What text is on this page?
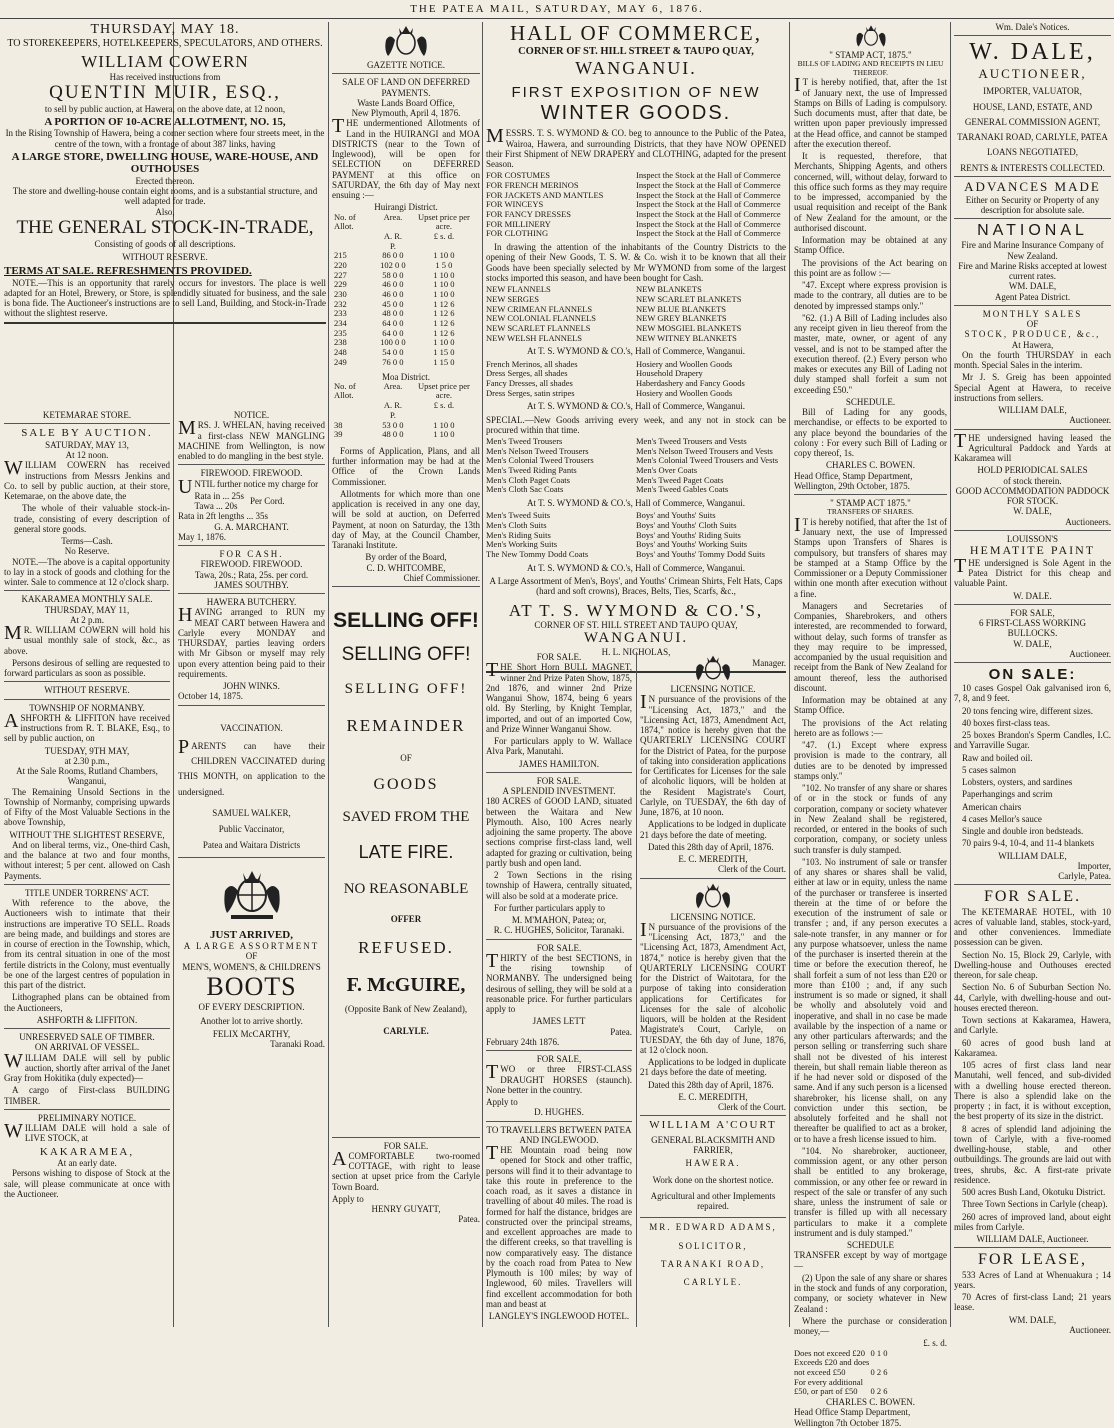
THE PATEA MAIL, SATURDAY, MAY 6, 1876.
THURSDAY, MAY 18.
TO STOREKEEPERS, HOTELKEEPERS, SPECULATORS, AND OTHERS.
WILLIAM COWERN
Has received instructions from
QUENTIN MUIR, ESQ.,
to sell by public auction, at Hawera, on the above date, at 12 noon,
A PORTION OF 10-ACRE ALLOTMENT, NO. 15,
In the Rising Township of Hawera, being a corner section where four streets meet, in the centre of the town, with a frontage of about 387 links, having
A LARGE STORE, DWELLING HOUSE, WARE-HOUSE, AND OUTHOUSES
Erected thereon.
The store and dwelling-house contain eight rooms, and is a substantial structure, and well adapted for trade.
Also,
THE GENERAL STOCK-IN-TRADE,
Consisting of goods of all descriptions.
WITHOUT RESERVE.
TERMS AT SALE. REFRESHMENTS PROVIDED.

NOTE.—This is an opportunity that rarely occurs for investors. The place is well adapted for an Hotel, Brewery, or Store, is splendidly situated for business, and the sale is bona fide. The Auctioneer's instructions are to sell Land, Building, and Stock-in-Trade without the slightest reserve.

KETEMARAE STORE.
SALE BY AUCTION.
SATURDAY, MAY 13,
At 12 noon.

WILLIAM COWERN has received instructions from Messrs Jenkins and Co. to sell by public auction, at their store, Ketemarae, on the above date, the

The whole of their valuable stock-in-trade, consisting of every description of general store goods.

Terms—Cash.
No Reserve.

NOTE.—The above is a capital opportunity to lay in a stock of goods and clothing for the winter. Sale to commence at 12 o'clock sharp.

KAKARAMEA MONTHLY SALE.
THURSDAY, MAY 11,
At 2 p.m.

MR. WILLIAM COWERN will hold his usual monthly sale of stock, &c., as above.

Persons desirous of selling are requested to forward particulars as soon as possible.

WITHOUT RESERVE.
TOWNSHIP OF NORMANBY.

ASHFORTH & LIFFITON have received instructions from R. T. BLAKE, Esq., to sell by public auction, on

TUESDAY, 9TH MAY,
at 2.30 p.m.,
At the Sale Rooms, Rutland Chambers, Wanganui,

The Remaining Unsold Sections in the Township of Normanby, comprising upwards of Fifty of the Most Valuable Sections in the above Township,

WITHOUT THE SLIGHTEST RESERVE,

And on liberal terms, viz., One-third Cash, and the balance at two and four months, without interest; 5 per cent. allowed on Cash Payments.

TITLE UNDER TORRENS' ACT.

With reference to the above, the Auctioneers wish to intimate that their instructions are imperative TO SELL. Roads are being made, and buildings and stores are in course of erection in the Township, which, from its central situation in one of the most fertile districts in the Colony, must eventually be one of the largest centres of population in this part of the district.

Lithographed plans can be obtained from the Auctioneers,

ASHFORTH & LIFFITON.
UNRESERVED SALE OF TIMBER.
ON ARRIVAL OF VESSEL.

WILLIAM DALE will sell by public auction, shortly after arrival of the Janet Gray from Hokitika (duly expected)—

A cargo of First-class BUILDING TIMBER.

PRELIMINARY NOTICE.

WILLIAM DALE will hold a sale of LIVE STOCK, at

KAKARAMEA,
At an early date.

Persons wishing to dispose of Stock at the sale, will please communicate at once with the Auctioneer.

NOTICE.

MRS. J. WHELAN, having received a first-class NEW MANGLING MACHINE from Wellington, is now enabled to do mangling in the best style.

FIREWOOD. FIREWOOD.

UNTIL further notice my charge for

Rata in ... 25s
Tawa ... 20s
Per Cord.
Rata in 2ft lengths ... 35s
G. A. MARCHANT.
May 1, 1876.
FOR CASH.
FIREWOOD. FIREWOOD.
Tawa, 20s.; Rata, 25s. per cord.
JAMES SOUTHBY.
HAWERA BUTCHERY.

HAVING arranged to RUN my MEAT CART between Hawera and Carlyle every MONDAY and THURSDAY, parties leaving orders with Mr Gibson or myself may rely upon every attention being paid to their requirements.

JOHN WINKS.
October 14, 1875.
VACCINATION.

PARENTS can have their CHILDREN VACCINATED during THIS MONTH, on application to the undersigned.

SAMUEL WALKER,
Public Vaccinator,
Patea and Waitara Districts
JUST ARRIVED,
A LARGE ASSORTMENT
OF
MEN'S, WOMEN'S, & CHILDREN'S
BOOTS
OF EVERY DESCRIPTION.
Another lot to arrive shortly.
FELIX McCARTHY,
Taranaki Road.
GAZETTE NOTICE.
SALE OF LAND ON DEFERRED PAYMENTS.
Waste Lands Board Office,
New Plymouth, April 4, 1876.

THE undermentioned Allotments of Land in the HUIRANGI and MOA DISTRICTS (near to the Town of Inglewood), will be open for SELECTION on DEFERRED PAYMENT at this office on SATURDAY, the 6th day of May next ensuing :—

Huirangi District.
No. of Allot.	Area.	Upset price per acre.
	A. R. P.	£ s. d.
215	86 0 0	1 10 0
220	102 0 0	1 5 0
227	58 0 0	1 10 0
229	46 0 0	1 10 0
230	46 0 0	1 10 0
232	45 0 0	1 12 6
233	48 0 0	1 12 6
234	64 0 0	1 12 6
235	64 0 0	1 12 6
238	100 0 0	1 10 0
248	54 0 0	1 15 0
249	76 0 0	1 15 0
Moa District.
No. of Allot.	Area.	Upset price per acre.
	A. R. P.	£ s. d.
38	53 0 0	1 10 0
39	48 0 0	1 10 0

Forms of Application, Plans, and all further information may be had at the Office of the Crown Lands Commissioner.

Allotments for which more than one application is received in any one day, will be sold at auction, on Deferred Payment, at noon on Saturday, the 13th day of May, at the Council Chamber, Taranaki Institute.

By order of the Board,
C. D. WHITCOMBE,
Chief Commissioner.
SELLING OFF!
SELLING OFF!
SELLING OFF!
REMAINDER
OF
GOODS
SAVED FROM THE
LATE FIRE.
NO REASONABLE
OFFER
REFUSED.
F. McGUIRE,
(Opposite Bank of New Zealand),
CARLYLE.
FOR SALE.

ACOMFORTABLE two-roomed COTTAGE, with right to lease section at upset price from the Carlyle Town Board.

Apply to
HENRY GUYATT,
Patea.
HALL OF COMMERCE,
CORNER OF ST. HILL STREET & TAUPO QUAY,
WANGANUI.
FIRST EXPOSITION OF NEW
WINTER GOODS.

MESSRS. T. S. WYMOND & CO. beg to announce to the Public of the Patea, Wairoa, Hawera, and surrounding Districts, that they have NOW OPENED their First Shipment of NEW DRAPERY and CLOTHING, adapted for the present Season.

FOR COSTUMES	Inspect the Stock at the Hall of Commerce
FOR FRENCH MERINOS	Inspect the Stock at the Hall of Commerce
FOR JACKETS AND MANTLES	Inspect the Stock at the Hall of Commerce
FOR WINCEYS	Inspect the Stock at the Hall of Commerce
FOR FANCY DRESSES	Inspect the Stock at the Hall of Commerce
FOR MILLINERY	Inspect the Stock at the Hall of Commerce
FOR CLOTHING	Inspect the Stock at the Hall of Commerce

In drawing the attention of the inhabitants of the Country Districts to the opening of their New Goods, T. S. W. & Co. wish it to be known that all their Goods have been specially selected by Mr WYMOND from some of the largest stocks imported this season, and have been bought for Cash.

NEW FLANNELS	NEW BLANKETS
NEW SERGES	NEW SCARLET BLANKETS
NEW CRIMEAN FLANNELS	NEW BLUE BLANKETS
NEW COLONIAL FLANNELS	NEW GREY BLANKETS
NEW SCARLET FLANNELS	NEW MOSGIEL BLANKETS
NEW WELSH FLANNELS	NEW WITNEY BLANKETS
At T. S. WYMOND & CO.'s, Hall of Commerce, Wanganui.
French Merinos, all shades	Hosiery and Woollen Goods
Dress Serges, all shades	Household Drapery
Fancy Dresses, all shades	Haberdashery and Fancy Goods
Dress Serges, satin stripes	Hosiery and Woollen Goods
At T. S. WYMOND & CO.'s, Hall of Commerce, Wanganui.

SPECIAL.—New Goods arriving every week, and any not in stock can be procured within that time.

Men's Tweed Trousers	Men's Tweed Trousers and Vests
Men's Nelson Tweed Trousers	Men's Nelson Tweed Trousers and Vests
Men's Colonial Tweed Trousers	Men's Colonial Tweed Trousers and Vests
Men's Tweed Riding Pants	Men's Over Coats
Men's Cloth Paget Coats	Men's Tweed Paget Coats
Men's Cloth Sac Coats	Men's Tweed Gables Coats
At T. S. WYMOND & CO.'s, Hall of Commerce, Wanganui.
Men's Tweed Suits	Boys' and Youths' Suits
Men's Cloth Suits	Boys' and Youths' Cloth Suits
Men's Riding Suits	Boys' and Youths' Riding Suits
Men's Working Suits	Boys' and Youths' Working Suits
The New Tommy Dodd Coats	Boys' and Youths' Tommy Dodd Suits
At T. S. WYMOND & CO.'s, Hall of Commerce, Wanganui.
A Large Assortment of Men's, Boys', and Youths' Crimean Shirts, Felt Hats, Caps (hard and soft crowns), Braces, Belts, Ties, Scarfs, &c.,
AT T. S. WYMOND & CO.'S,
CORNER OF ST. HILL STREET AND TAUPO QUAY,
WANGANUI.
H. L. NICHOLAS,
Manager.
FOR SALE.

THE Short Horn BULL MAGNET, winner 2nd Prize Paten Show, 1875, 2nd 1876, and winner 2nd Prize Wanganui Show, 1874, being 6 years old. By Sterling, by Knight Templar, imported, and out of an imported Cow, and Prize Winner Wanganui Show.

For particulars apply to W. Wallace Alva Park, Manutahi.

JAMES HAMILTON.
FOR SALE.
A SPLENDID INVESTMENT.

180 ACRES of GOOD LAND, situated between the Waitara and New Plymouth. Also, 100 Acres nearly adjoining the same property. The above sections comprise first-class land, well adapted for grazing or cultivation, being partly bush and open land.

2 Town Sections in the rising township of Hawera, centrally situated, will also be sold at a moderate price.

For further particulars apply to

M. M'MAHON, Patea; or,
R. C. HUGHES, Solicitor, Taranaki.
FOR SALE.

THIRTY of the best SECTIONS, in the rising township of NORMANBY. The undersigned being desirous of selling, they will be sold at a reasonable price. For further particulars apply to

JAMES LETT
Patea.
February 24th 1876.
FOR SALE,

TWO or three FIRST-CLASS DRAUGHT HORSES (staunch). None better in the country.

Apply to
D. HUGHES.
TO TRAVELLERS BETWEEN PATEA AND INGLEWOOD.

THE Mountain road being now opened for Stock and other traffic, persons will find it to their advantage to take this route in preference to the coach road, as it saves a distance in travelling of about 40 miles. The road is formed for half the distance, bridges are constructed over the principal streams, and excellent approaches are made to the different creeks, so that travelling is now comparatively easy. The distance by the coach road from Patea to New Plymouth is 100 miles; by way of Inglewood, 60 miles. Travellers will find excellent accommodation for both man and beast at

LANGLEY'S INGLEWOOD HOTEL.
LICENSING NOTICE.

IN pursuance of the provisions of the "Licensing Act, 1873," and the "Licensing Act, 1873, Amendment Act, 1874," notice is hereby given that the QUARTERLY LICENSING COURT for the District of Patea, for the purpose of taking into consideration applications for Certificates for Licenses for the sale of alcoholic liquors, will be holden at the Resident Magistrate's Court, Carlyle, on TUESDAY, the 6th day of June, 1876, at 10 noon.

Applications to be lodged in duplicate 21 days before the date of meeting.

Dated this 28th day of April, 1876.

E. C. MEREDITH,
Clerk of the Court.
LICENSING NOTICE.

IN pursuance of the provisions of the "Licensing Act, 1873," and the "Licensing Act, 1873, Amendment Act, 1874," notice is hereby given that the QUARTERLY LICENSING COURT for the District of Waitotara, for the purpose of taking into consideration applications for Certificates for Licenses for the sale of alcoholic liquors, will be holden at the Resident Magistrate's Court, Carlyle, on TUESDAY, the 6th day of June, 1876, at 12 o'clock noon.

Applications to be lodged in duplicate 21 days before the date of meeting.

Dated this 28th day of April, 1876.

E. C. MEREDITH,
Clerk of the Court.
WILLIAM A'COURT
GENERAL BLACKSMITH AND FARRIER,
HAWERA.
Work done on the shortest notice.
Agricultural and other Implements repaired.
MR. EDWARD ADAMS,
SOLICITOR,
TARANAKI ROAD,
CARLYLE.
" STAMP ACT, 1875."
BILLS OF LADING AND RECEIPTS IN LIEU THEREOF.

IT is hereby notified, that, after the 1st of January next, the use of Impressed Stamps on Bills of Lading is compulsory. Such documents must, after that date, be written upon paper previously impressed at the Head office, and cannot be stamped after the execution thereof.

It is requested, therefore, that Merchants, Shipping Agents, and others concerned, will, without delay, forward to this office such forms as they may require to be impressed, accompanied by the usual requisition and receipt of the Bank of New Zealand for the amount, or the authorised discount.

Information may be obtained at any Stamp Office.

The provisions of the Act bearing on this point are as follow :—

"47. Except where express provision is made to the contrary, all duties are to be denoted by impressed stamps only."

"62. (1.) A Bill of Lading includes also any receipt given in lieu thereof from the master, mate, owner, or agent of any vessel, and is not to be stamped after the execution thereof. (2.) Every person who makes or executes any Bill of Lading not duly stamped shall forfeit a sum not exceeding £50."

SCHEDULE.

Bill of Lading for any goods, merchandise, or effects to be exported to any place beyond the boundaries of the colony : For every such Bill of Lading or copy thereof, 1s.

CHARLES C. BOWEN.
Head Office, Stamp Department,
Wellington, 29th October, 1875.
" STAMP ACT 1875."
TRANSFERS OF SHARES.

IT is hereby notified, that after the 1st of January next, the use of Impressed Stamps upon Transfers of Shares is compulsory, but transfers of shares may be stamped at a Stamp Office by the Commissioner or a Deputy Commissioner within one month after execution without a fine.

Managers and Secretaries of Companies, Sharebrokers, and others interested, are recommended to forward, without delay, such forms of transfer as they may require to be impressed, accompanied by the usual requisition and receipt from the Bank of New Zealand for amount thereof, less the authorised discount.

Information may be obtained at any Stamp Office.

The provisions of the Act relating hereto are as follows :—

"47. (1.) Except where express provision is made to the contrary, all duties are to be denoted by impressed stamps only."

"102. No transfer of any share or shares of or in the stock or funds of any corporation, company or society whatever in New Zealand shall be registered, recorded, or entered in the books of such corporation, company, or society unless such transfer is duly stamped.

"103. No instrument of sale or transfer of any shares or shares shall be valid, either at law or in equity, unless the name of the purchaser or transferee is inserted therein at the time of or before the execution of the instrument of sale or transfer ; and, if any person executes a sale-note transfer, in any manner or for any purpose whatsoever, unless the name of the purchaser is inserted therein at the time or before the execution thereof, he shall forfeit a sum of not less than £20 or more than £100 ; and, if any such instrument is so made or signed, it shall be wholly and absolutely void and inoperative, and shall in no case be made available by the inspection of a name or any other particulars afterwards; and the person selling or transferring such share shall not be divested of his interest therein, but shall remain liable thereon as if he had never sold or disposed of the same. And if any such person is a licensed sharebroker, his license shall, on any conviction under this section, be absolutely forfeited and he shall not thereafter be qualified to act as a broker, or to have a fresh license issued to him.

"104. No sharebroker, auctioneer, commission agent, or any other person shall be entitled to any brokerage, commission, or any other fee or reward in respect of the sale or transfer of any such share, unless the instrument of sale or transfer is filled up with all necessary particulars to make it a complete instrument and is duly stamped."

SCHEDULE

TRANSFER except by way of mortgage—

(2) Upon the sale of any share or shares in the stock and funds of any corporation, company, or society whatever in New Zealand :

Where the purchase or consideration money,—

£. s. d.
Does not exceed £20 0 1 0
Exceeds £20 and does
not exceed £50	0 2 6
For every additional
£50, or part of £50	0 2 6
CHARLES C. BOWEN.
Head Office Stamp Department,
Wellington 7th October 1875.
Wm. Dale's Notices.
W. DALE,
AUCTIONEER,
IMPORTER, VALUATOR,
HOUSE, LAND, ESTATE, AND
GENERAL COMMISSION AGENT,
TARANAKI ROAD, CARLYLE, PATEA
LOANS NEGOTIATED,
RENTS & INTERESTS COLLECTED.
ADVANCES MADE
Either on Security or Property of any description for absolute sale.
NATIONAL
Fire and Marine Insurance Company of New Zealand.
Fire and Marine Risks accepted at lowest current rates.
WM. DALE,
Agent Patea District.
MONTHLY SALES
OF
STOCK, PRODUCE, &c.,
At Hawera,

On the fourth THURSDAY in each month. Special Sales in the interim.

Mr J. S. Greig has been appointed Special Agent at Hawera, to receive instructions from sellers.

WILLIAM DALE,
Auctioneer.

THE undersigned having leased the Agricultural Paddock and Yards at Kakaramea will

HOLD PERIODICAL SALES
of stock therein.
GOOD ACCOMMODATION PADDOCK FOR STOCK.
W. DALE,
Auctioneers.
LOUISSON'S
HEMATITE PAINT

THE undersigned is Sole Agent in the Patea District for this cheap and valuable Paint.

W. DALE.
FOR SALE,
6 FIRST-CLASS WORKING BULLOCKS.
W. DALE,
Auctioneer.
ON SALE:

10 cases Gospel Oak galvanised iron 6, 7, 8, and 9 feet.

20 tons fencing wire, different sizes.

40 boxes first-class teas.

25 boxes Brandon's Sperm Candles, I.C. and Yarraville Sugar.

Raw and boiled oil.

5 cases salmon

Lobsters, oysters, and sardines

Paperhangings and scrim

American chairs

4 cases Mellor's sauce

Single and double iron bedsteads.

70 pairs 9-4, 10-4, and 11-4 blankets

WILLIAM DALE,
Importer,
Carlyle, Patea.
FOR SALE.

The KETEMARAE HOTEL, with 10 acres of valuable land, stables, stock-yard, and other conveniences. Immediate possession can be given.

Section No. 15, Block 29, Carlyle, with Dwelling-house and Outhouses erected thereon, for sale cheap.

Section No. 6 of Suburban Section No. 44, Carlyle, with dwelling-house and out-houses erected thereon.

Town sections at Kakaramea, Hawera, and Carlyle.

60 acres of good bush land at Kakaramea.

105 acres of first class land near Manutahi, well fenced, and sub-divided with a dwelling house erected thereon. There is also a splendid lake on the property ; in fact, it is without exception, the best property of its size in the district.

8 acres of splendid land adjoining the town of Carlyle, with a five-roomed dwelling-house, stable, and other outbuildings. The grounds are laid out with trees, shrubs, &c. A first-rate private residence.

500 acres Bush Land, Okotuku District.

Three Town Sections in Carlyle (cheap).

260 acres of improved land, about eight miles from Carlyle.

WILLIAM DALE, Auctioneer.
FOR LEASE,

533 Acres of Land at Whenuakura ; 14 years.

70 Acres of first-class Land; 21 years lease.

WM. DALE,
Auctioneer.
